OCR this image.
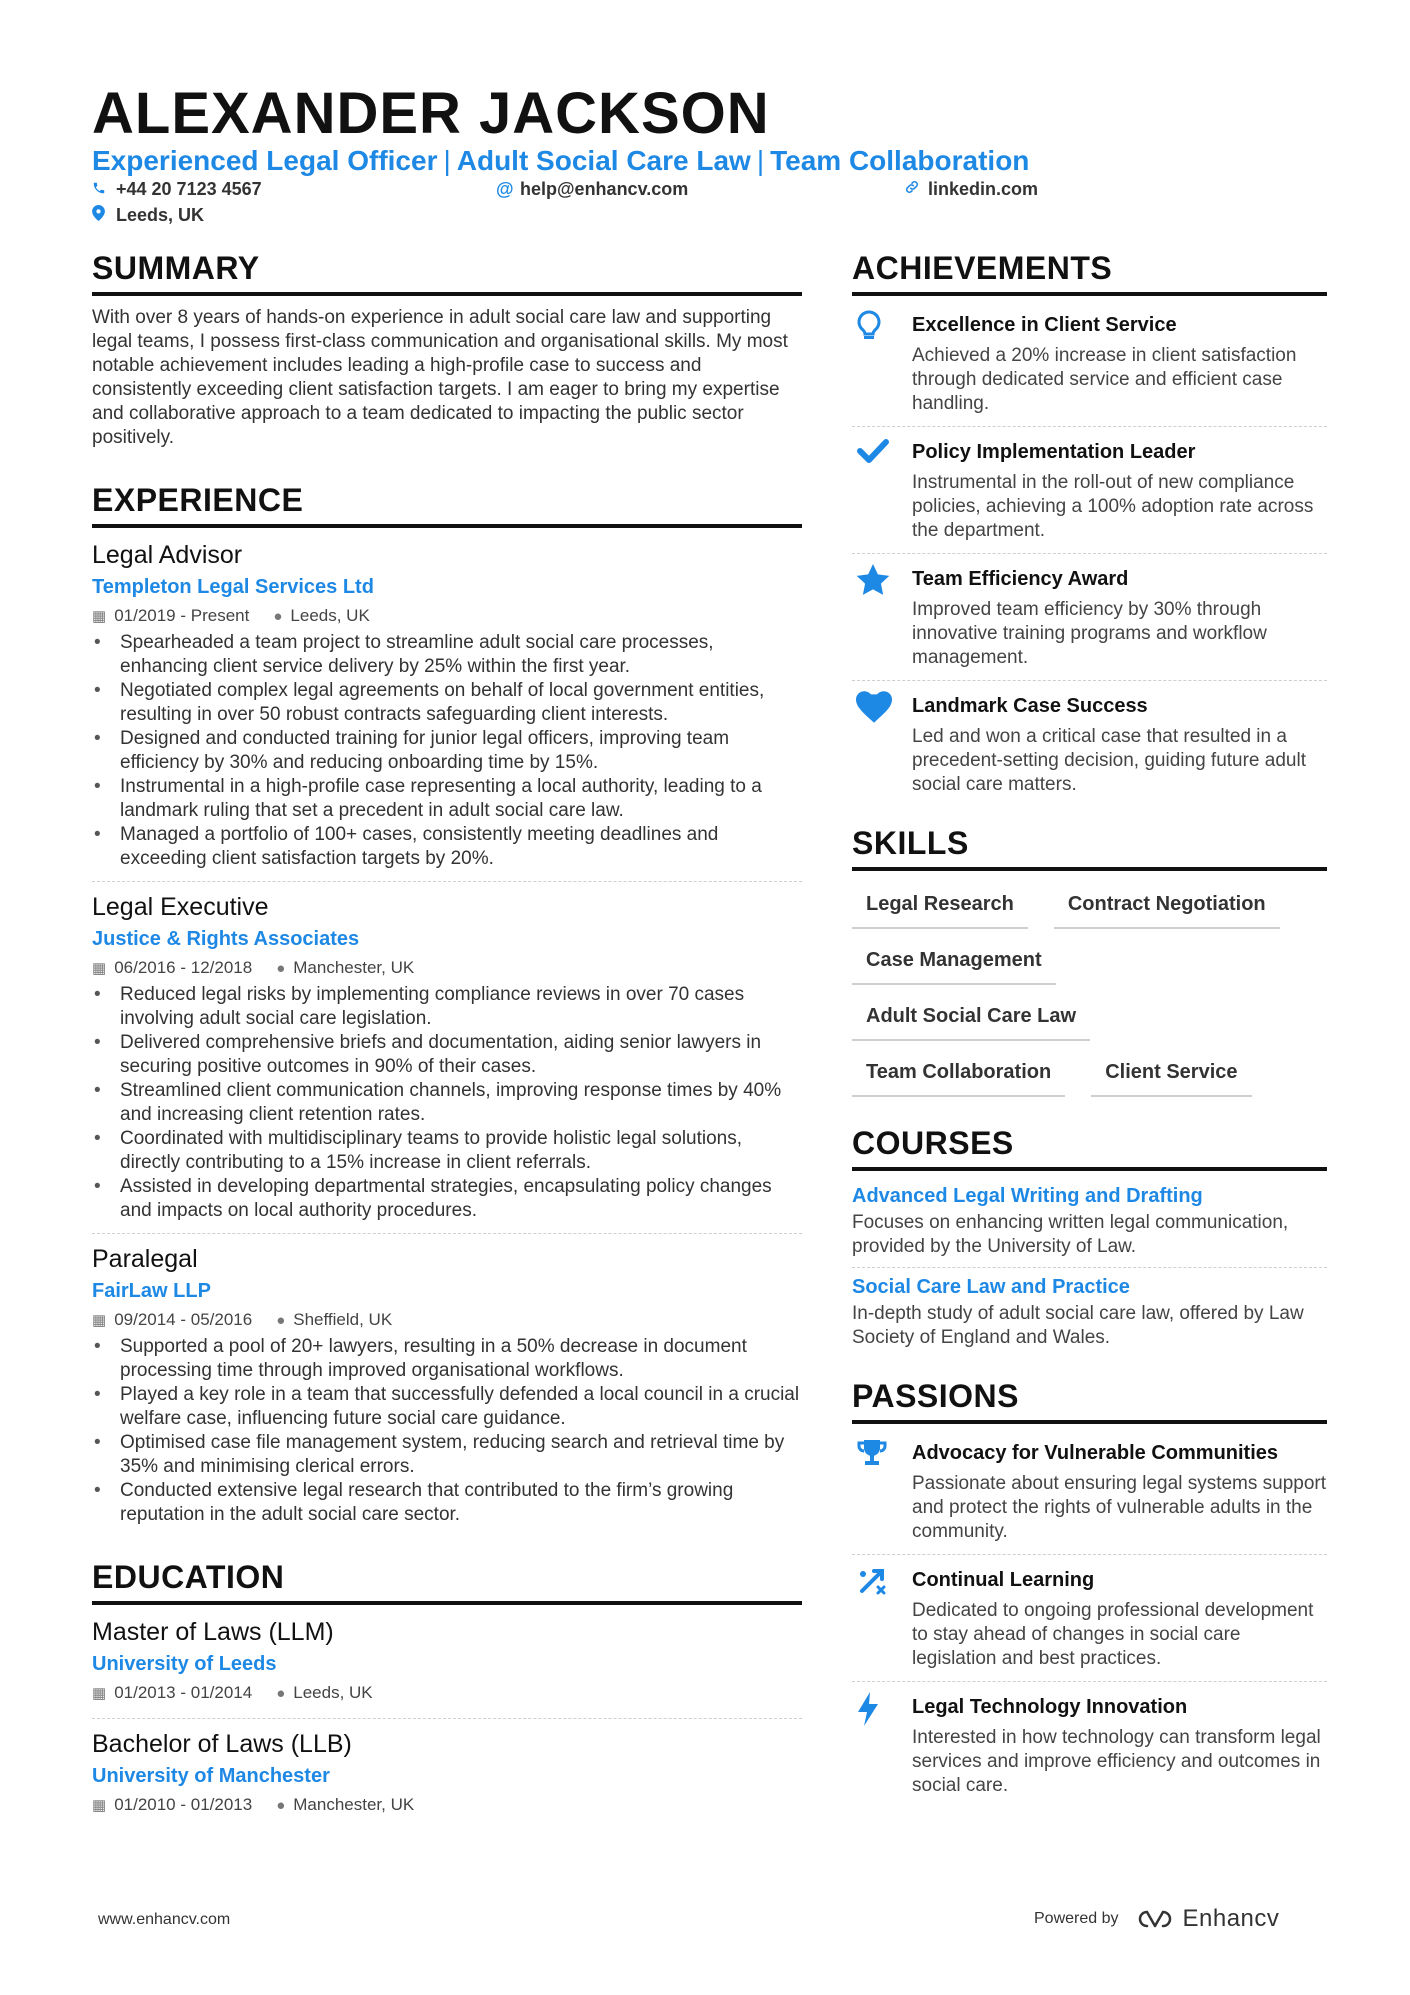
ALEXANDER JACKSON
Experienced Legal Officer | Adult Social Care Law | Team Collaboration
+44 20 7123 4567	@ help@enhancv.com	linkedin.com
Leeds, UK
SUMMARY
With over 8 years of hands-on experience in adult social care law and supporting legal teams, I possess first-class communication and organisational skills. My most notable achievement includes leading a high-profile case to success and consistently exceeding client satisfaction targets. I am eager to bring my expertise and collaborative approach to a team dedicated to impacting the public sector positively.
EXPERIENCE
Legal Advisor
Templeton Legal Services Ltd
▦ 01/2019 - Present ● Leeds, UK
• Spearheaded a team project to streamline adult social care processes, enhancing client service delivery by 25% within the first year.
• Negotiated complex legal agreements on behalf of local government entities, resulting in over 50 robust contracts safeguarding client interests.
• Designed and conducted training for junior legal officers, improving team efficiency by 30% and reducing onboarding time by 15%.
• Instrumental in a high-profile case representing a local authority, leading to a landmark ruling that set a precedent in adult social care law.
• Managed a portfolio of 100+ cases, consistently meeting deadlines and exceeding client satisfaction targets by 20%.
Legal Executive
Justice & Rights Associates
▦ 06/2016 - 12/2018 ● Manchester, UK
• Reduced legal risks by implementing compliance reviews in over 70 cases involving adult social care legislation.
• Delivered comprehensive briefs and documentation, aiding senior lawyers in securing positive outcomes in 90% of their cases.
• Streamlined client communication channels, improving response times by 40% and increasing client retention rates.
• Coordinated with multidisciplinary teams to provide holistic legal solutions, directly contributing to a 15% increase in client referrals.
• Assisted in developing departmental strategies, encapsulating policy changes and impacts on local authority procedures.
Paralegal
FairLaw LLP
▦ 09/2014 - 05/2016 ● Sheffield, UK
• Supported a pool of 20+ lawyers, resulting in a 50% decrease in document processing time through improved organisational workflows.
• Played a key role in a team that successfully defended a local council in a crucial welfare case, influencing future social care guidance.
• Optimised case file management system, reducing search and retrieval time by 35% and minimising clerical errors.
• Conducted extensive legal research that contributed to the firm’s growing reputation in the adult social care sector.
EDUCATION
Master of Laws (LLM)
University of Leeds
▦ 01/2013 - 01/2014 ● Leeds, UK
Bachelor of Laws (LLB)
University of Manchester
▦ 01/2010 - 01/2013 ● Manchester, UK
ACHIEVEMENTS
Excellence in Client Service
Achieved a 20% increase in client satisfaction through dedicated service and efficient case handling.
Policy Implementation Leader
Instrumental in the roll-out of new compliance policies, achieving a 100% adoption rate across the department.
Team Efficiency Award
Improved team efficiency by 30% through innovative training programs and workflow management.
Landmark Case Success
Led and won a critical case that resulted in a precedent-setting decision, guiding future adult social care matters.
SKILLS
Legal Research	Contract Negotiation
Case Management
Adult Social Care Law
Team Collaboration	Client Service
COURSES
Advanced Legal Writing and Drafting
Focuses on enhancing written legal communication, provided by the University of Law.
Social Care Law and Practice
In-depth study of adult social care law, offered by Law Society of England and Wales.
PASSIONS
Advocacy for Vulnerable Communities
Passionate about ensuring legal systems support and protect the rights of vulnerable adults in the community.
Continual Learning
Dedicated to ongoing professional development to stay ahead of changes in social care legislation and best practices.
Legal Technology Innovation
Interested in how technology can transform legal services and improve efficiency and outcomes in social care.
www.enhancv.com	Powered by	Enhancv
